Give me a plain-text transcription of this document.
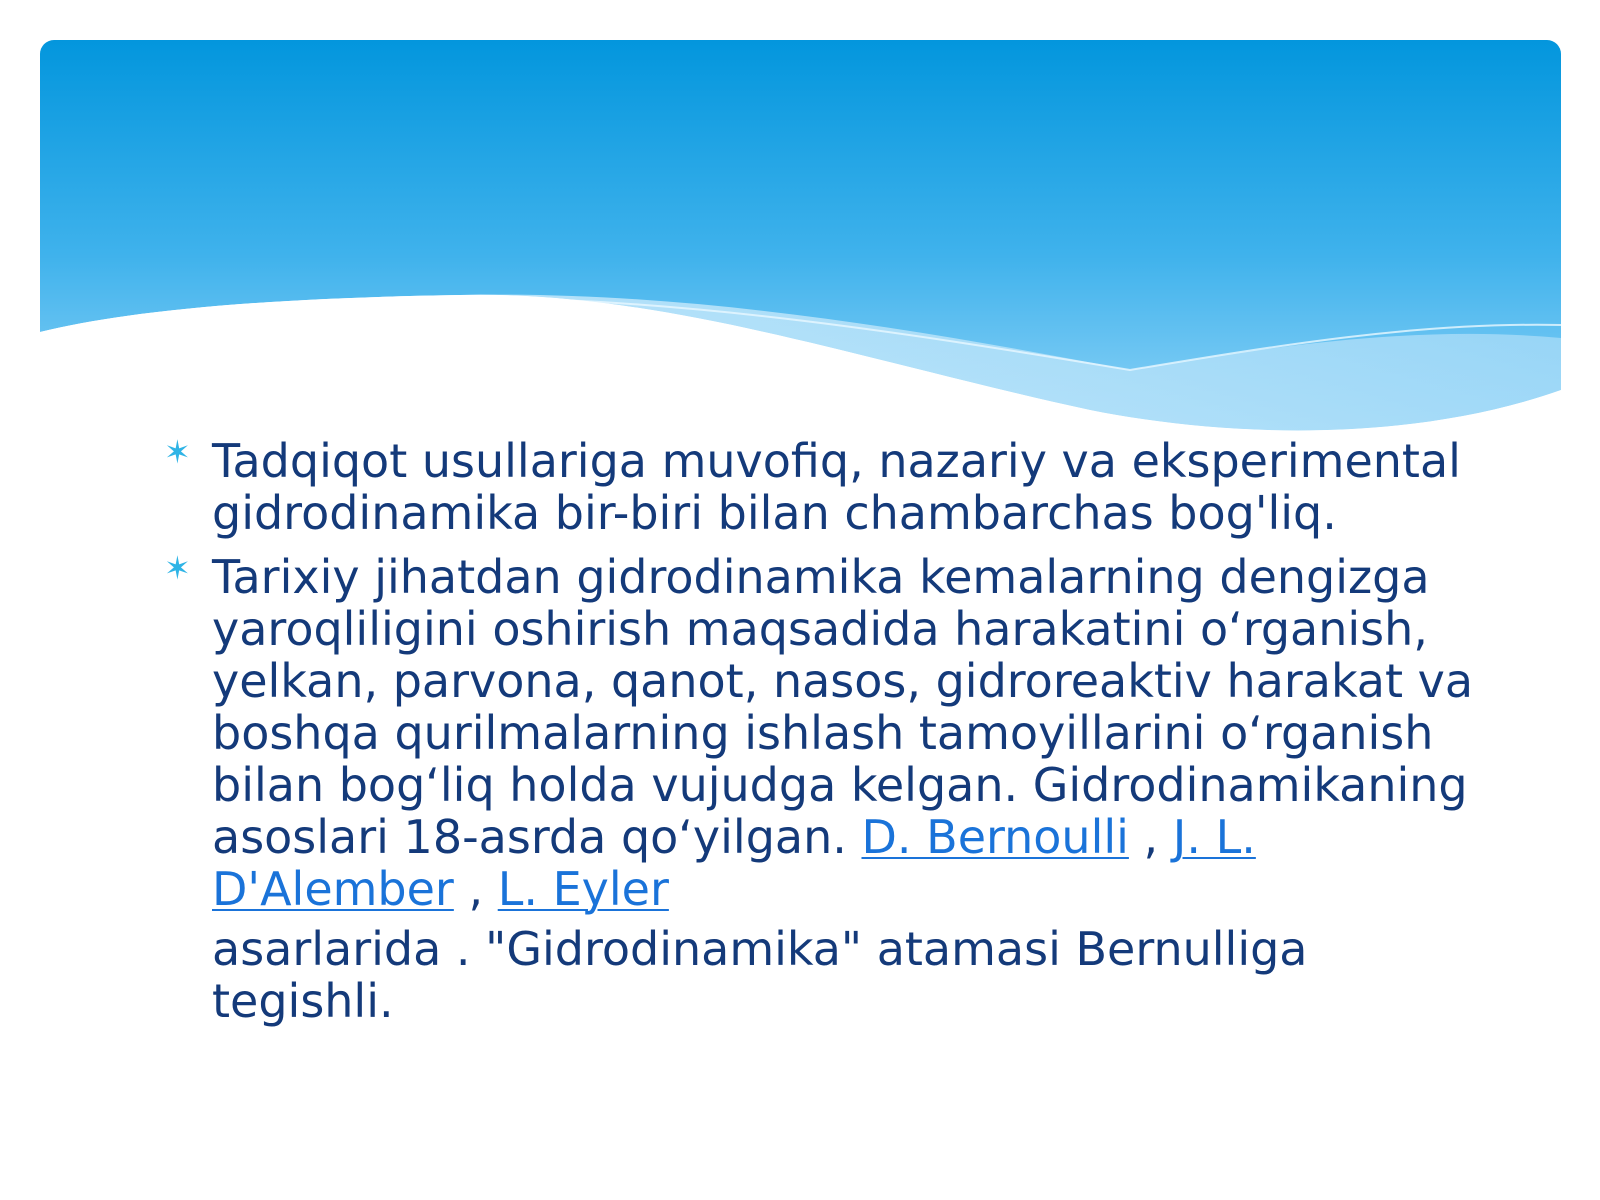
✶ Tadqiqot usullariga muvofiq, nazariy va eksperimental gidrodinamika bir-biri bilan chambarchas bog'liq.
✶ Tarixiy jihatdan gidrodinamika kemalarning dengizga yaroqliligini oshirish maqsadida harakatini o‘rganish, yelkan, parvona, qanot, nasos, gidroreaktiv harakat va boshqa qurilmalarning ishlash tamoyillarini o‘rganish bilan bog‘liq holda vujudga kelgan. Gidrodinamikaning asoslari 18-asrda qo‘yilgan. D. Bernoulli , J. L. D'Alember , L. Eyler
asarlarida . "Gidrodinamika" atamasi Bernulliga tegishli.
